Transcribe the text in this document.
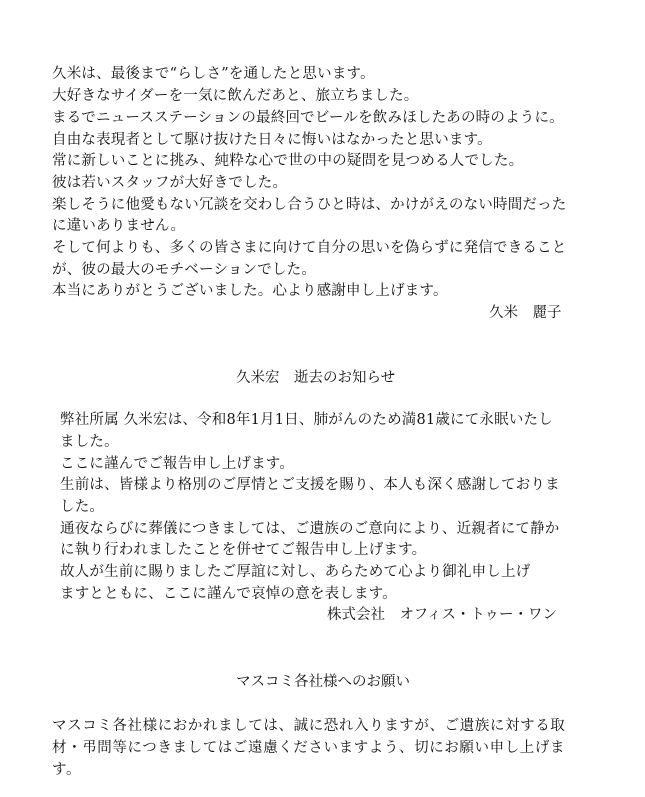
久米は、最後まで“らしさ”を通したと思います。
大好きなサイダーを一気に飲んだあと、旅立ちました。
まるでニュースステーションの最終回でビールを飲みほしたあの時のように。
自由な表現者として駆け抜けた日々に悔いはなかったと思います。
常に新しいことに挑み、純粋な心で世の中の疑問を見つめる人でした。
彼は若いスタッフが大好きでした。
楽しそうに他愛もない冗談を交わし合うひと時は、かけがえのない時間だった
に違いありません。
そして何よりも、多くの皆さまに向けて自分の思いを偽らずに発信できること
が、彼の最大のモチベーションでした。
本当にありがとうございました。心より感謝申し上げます。
久米　麗子
久米宏　逝去のお知らせ
弊社所属 久米宏は、令和8年1月1日、肺がんのため満81歳にて永眠いたし
ました。
ここに謹んでご報告申し上げます。
生前は、皆様より格別のご厚情とご支援を賜り、本人も深く感謝しておりま
した。
通夜ならびに葬儀につきましては、ご遺族のご意向により、近親者にて静か
に執り行われましたことを併せてご報告申し上げます。
故人が生前に賜りましたご厚誼に対し、あらためて心より御礼申し上げ
ますとともに、ここに謹んで哀悼の意を表します。
株式会社　オフィス・トゥー・ワン
マスコミ各社様へのお願い
マスコミ各社様におかれましては、誠に恐れ入りますが、ご遺族に対する取
材・弔問等につきましてはご遠慮くださいますよう、切にお願い申し上げま
す。
